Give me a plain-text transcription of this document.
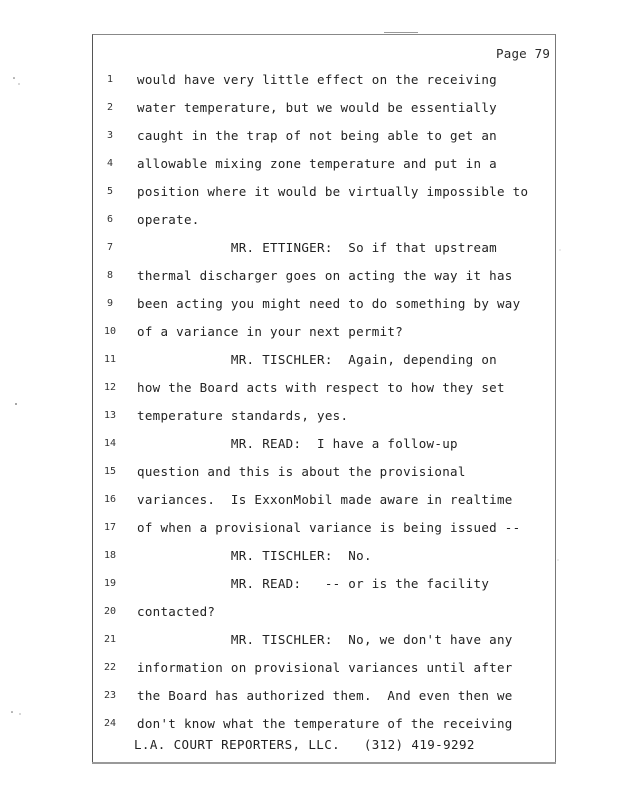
Page 79
1	would have very little effect on the receiving
2	water temperature, but we would be essentially
3	caught in the trap of not being able to get an
4	allowable mixing zone temperature and put in a
5	position where it would be virtually impossible to
6	operate.
7	MR. ETTINGER:  So if that upstream
8	thermal discharger goes on acting the way it has
9	been acting you might need to do something by way
10	of a variance in your next permit?
11	MR. TISCHLER:  Again, depending on
12	how the Board acts with respect to how they set
13	temperature standards, yes.
14	MR. READ:  I have a follow-up
15	question and this is about the provisional
16	variances.  Is ExxonMobil made aware in realtime
17	of when a provisional variance is being issued --
18	MR. TISCHLER:  No.
19	MR. READ:   -- or is the facility
20	contacted?
21	MR. TISCHLER:  No, we don't have any
22	information on provisional variances until after
23	the Board has authorized them.  And even then we
24	don't know what the temperature of the receiving
L.A. COURT REPORTERS, LLC.   (312) 419-9292
